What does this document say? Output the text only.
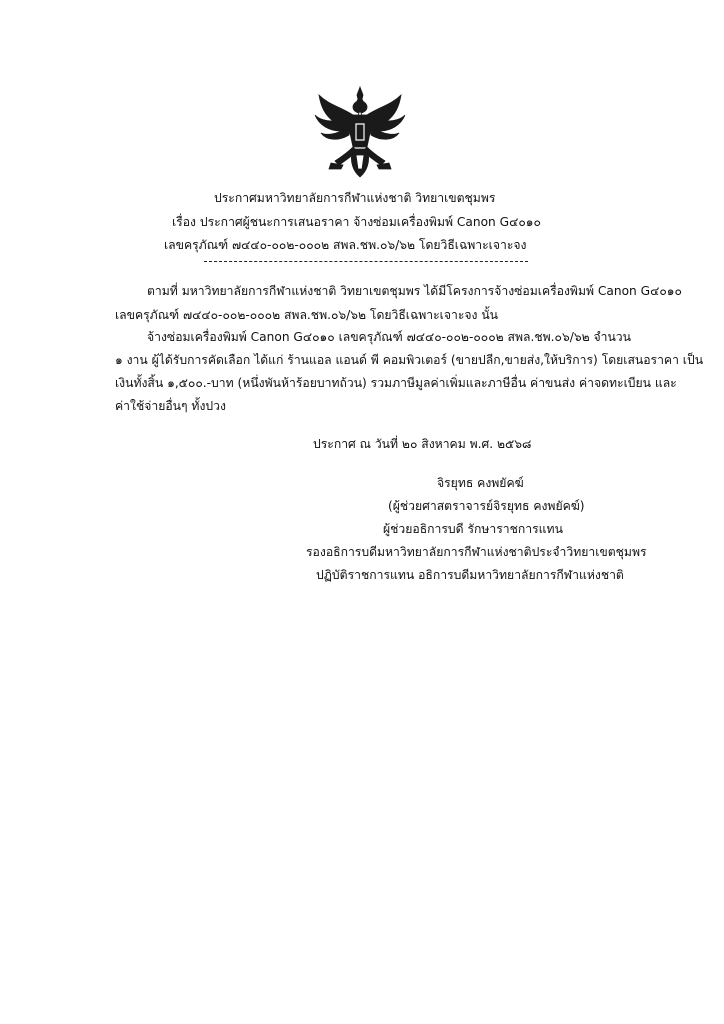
ประกาศมหาวิทยาลัยการกีฬาแห่งชาติ วิทยาเขตชุมพร
เรื่อง ประกาศผู้ชนะการเสนอราคา จ้างซ่อมเครื่องพิมพ์ Canon G๔๐๑๐
เลขครุภัณฑ์ ๗๔๔๐-๐๐๒-๐๐๐๒ สพล.ชพ.๐๖/๖๒ โดยวิธีเฉพาะเจาะจง
ตามที่ มหาวิทยาลัยการกีฬาแห่งชาติ วิทยาเขตชุมพร ได้มีโครงการจ้างซ่อมเครื่องพิมพ์ Canon G๔๐๑๐
เลขครุภัณฑ์ ๗๔๔๐-๐๐๒-๐๐๐๒ สพล.ชพ.๐๖/๖๒ โดยวิธีเฉพาะเจาะจง นั้น
จ้างซ่อมเครื่องพิมพ์ Canon G๔๐๑๐ เลขครุภัณฑ์ ๗๔๔๐-๐๐๒-๐๐๐๒ สพล.ชพ.๐๖/๖๒ จำนวน
๑ งาน ผู้ได้รับการคัดเลือก ได้แก่ ร้านแอล แอนด์ พี คอมพิวเตอร์ (ขายปลีก,ขายส่ง,ให้บริการ) โดยเสนอราคา เป็น
เงินทั้งสิ้น ๑,๕๐๐.-บาท (หนึ่งพันห้าร้อยบาทถ้วน) รวมภาษีมูลค่าเพิ่มและภาษีอื่น ค่าขนส่ง ค่าจดทะเบียน และ
ค่าใช้จ่ายอื่นๆ ทั้งปวง
ประกาศ ณ วันที่ ๒๐ สิงหาคม พ.ศ. ๒๕๖๘
จิรยุทธ คงพยัคฆ์
(ผู้ช่วยศาสตราจารย์จิรยุทธ คงพยัคฆ์)
ผู้ช่วยอธิการบดี รักษาราชการแทน
รองอธิการบดีมหาวิทยาลัยการกีฬาแห่งชาติประจำวิทยาเขตชุมพร
ปฏิบัติราชการแทน อธิการบดีมหาวิทยาลัยการกีฬาแห่งชาติ
